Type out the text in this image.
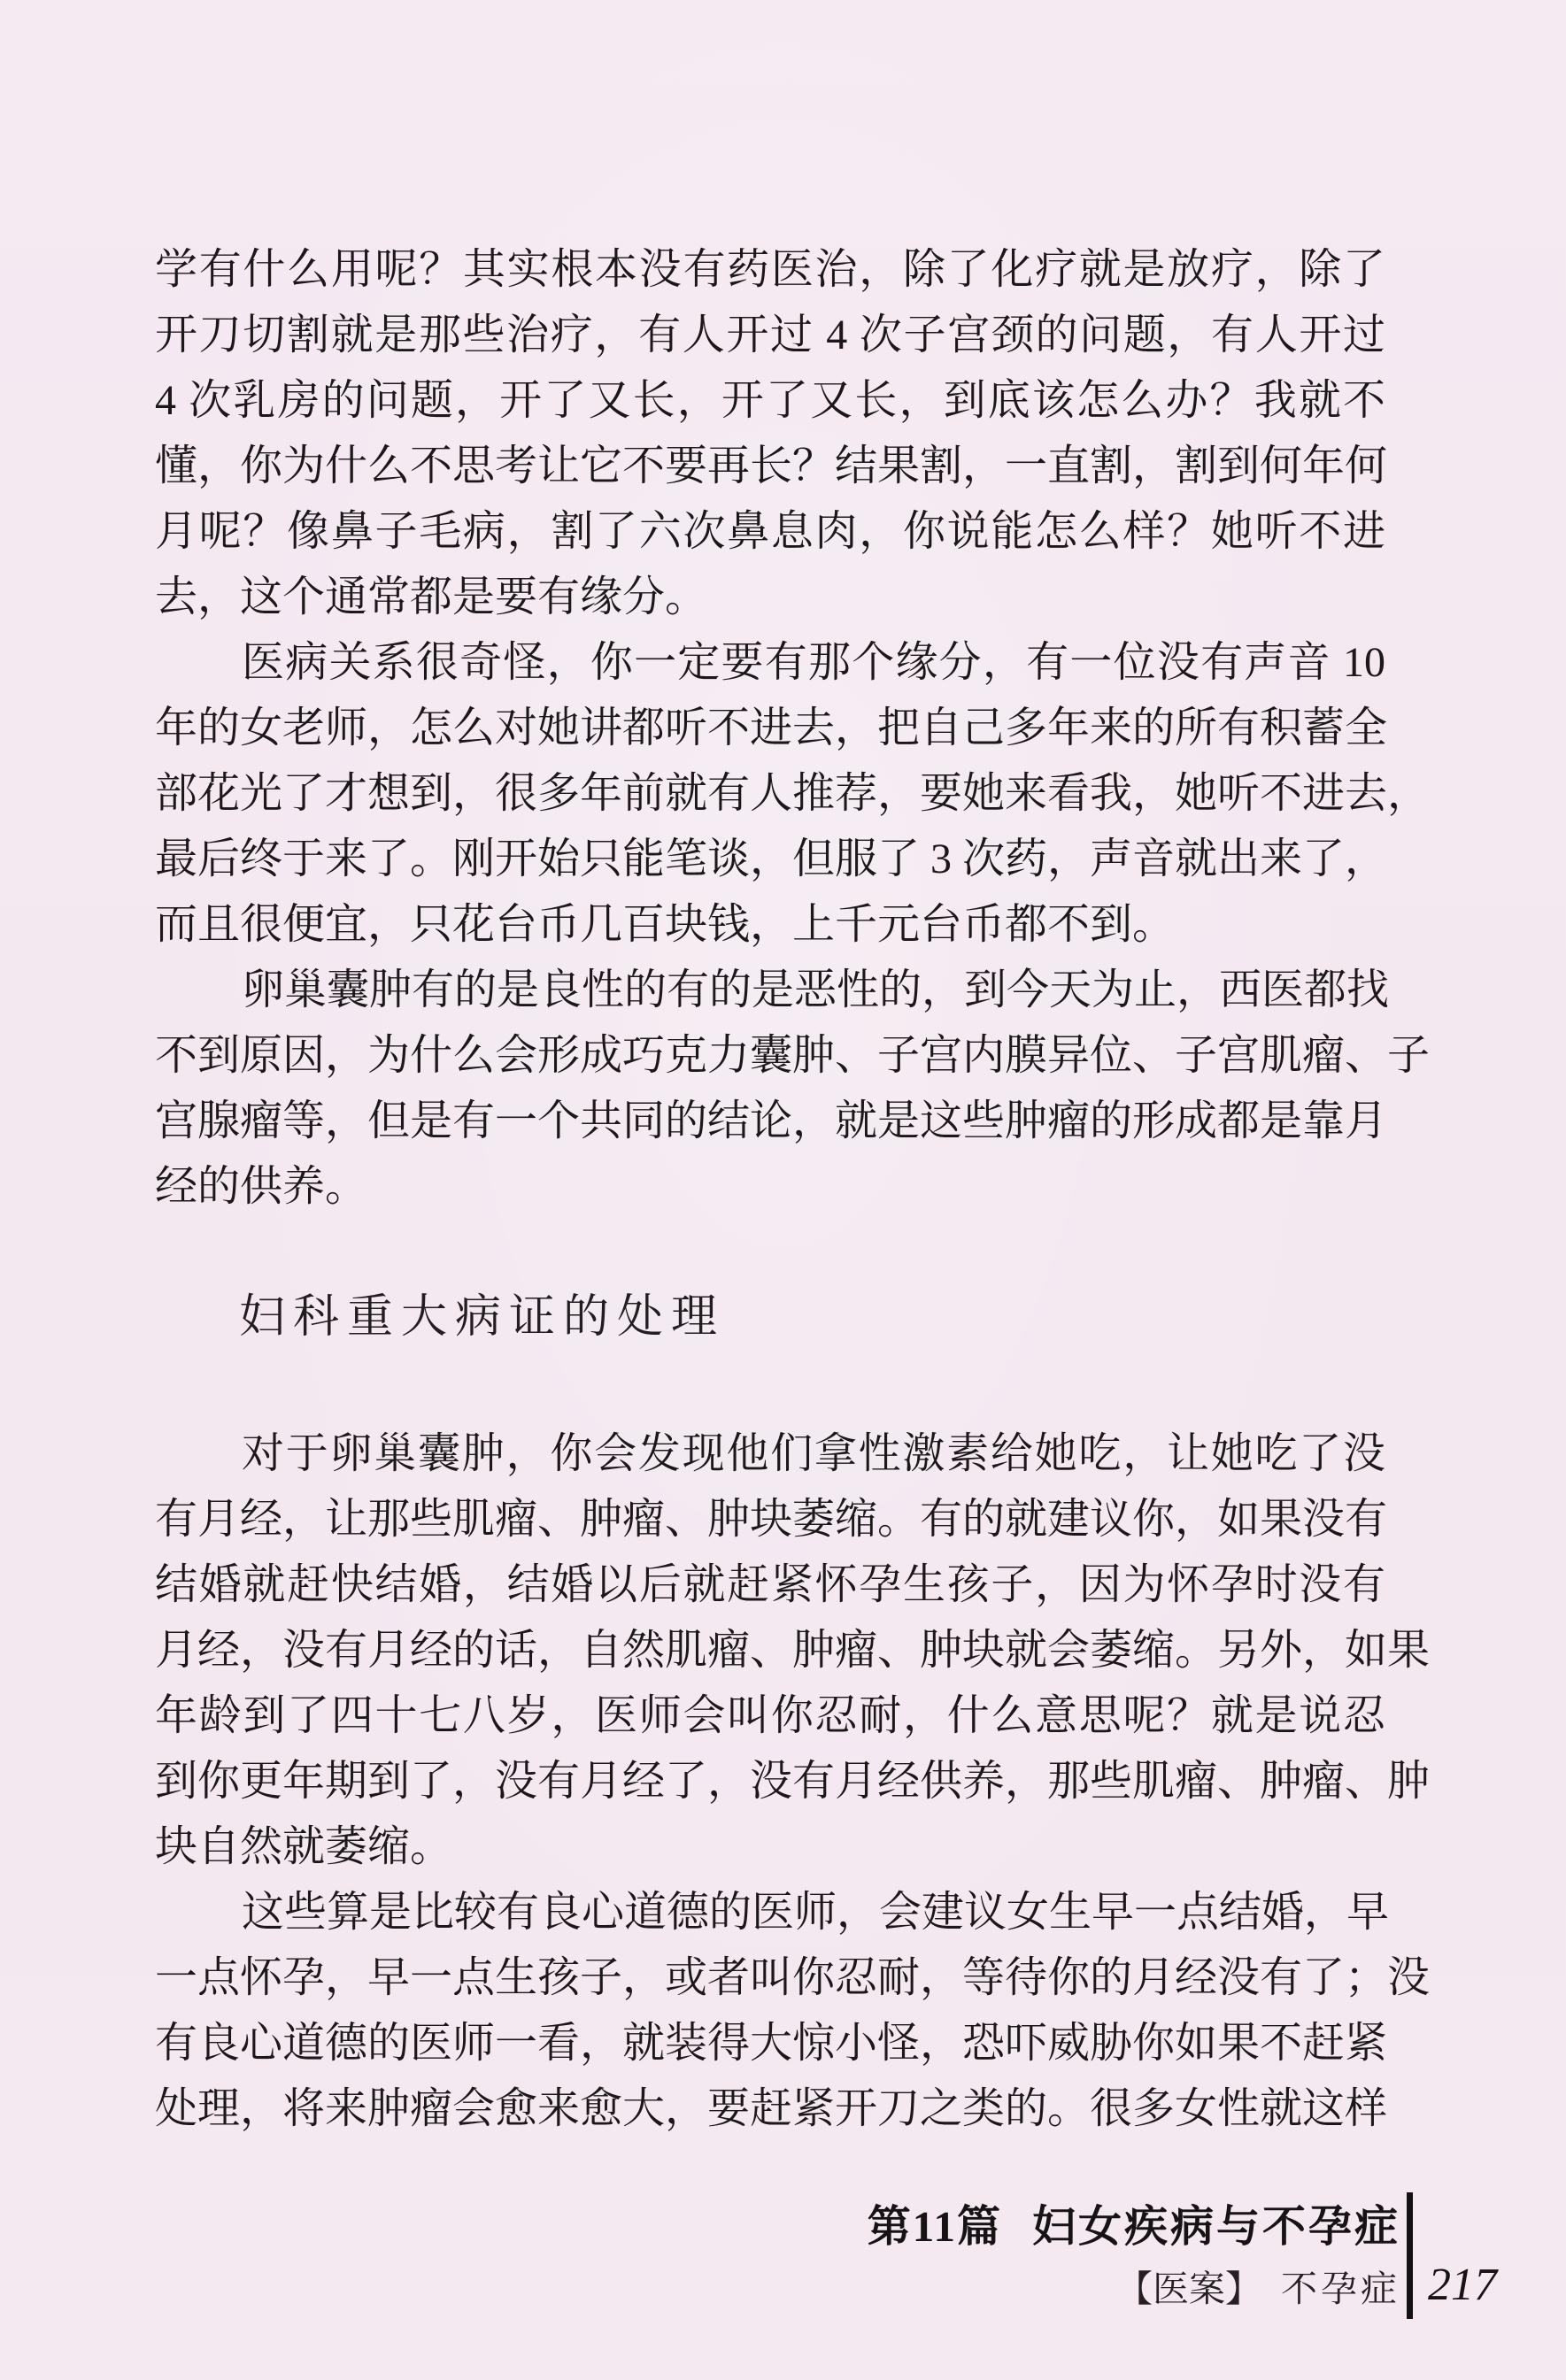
学有什么用呢？其实根本没有药医治，除了化疗就是放疗，除了
开刀切割就是那些治疗，有人开过 4 次子宫颈的问题，有人开过
4 次乳房的问题，开了又长，开了又长，到底该怎么办？我就不
懂，你为什么不思考让它不要再长？结果割，一直割，割到何年何
月呢？像鼻子毛病，割了六次鼻息肉，你说能怎么样？她听不进
去，这个通常都是要有缘分。
医病关系很奇怪，你一定要有那个缘分，有一位没有声音 10
年的女老师，怎么对她讲都听不进去，把自己多年来的所有积蓄全
部花光了才想到，很多年前就有人推荐，要她来看我，她听不进去，
最后终于来了。刚开始只能笔谈，但服了 3 次药，声音就出来了，
而且很便宜，只花台币几百块钱，上千元台币都不到。
卵巢囊肿有的是良性的有的是恶性的，到今天为止，西医都找
不到原因，为什么会形成巧克力囊肿、子宫内膜异位、子宫肌瘤、子
宫腺瘤等，但是有一个共同的结论，就是这些肿瘤的形成都是靠月
经的供养。
妇科重大病证的处理
对于卵巢囊肿，你会发现他们拿性激素给她吃，让她吃了没
有月经，让那些肌瘤、肿瘤、肿块萎缩。有的就建议你，如果没有
结婚就赶快结婚，结婚以后就赶紧怀孕生孩子，因为怀孕时没有
月经，没有月经的话，自然肌瘤、肿瘤、肿块就会萎缩。另外，如果
年龄到了四十七八岁，医师会叫你忍耐，什么意思呢？就是说忍
到你更年期到了，没有月经了，没有月经供养，那些肌瘤、肿瘤、肿
块自然就萎缩。
这些算是比较有良心道德的医师，会建议女生早一点结婚，早
一点怀孕，早一点生孩子，或者叫你忍耐，等待你的月经没有了；没
有良心道德的医师一看，就装得大惊小怪，恐吓威胁你如果不赶紧
处理，将来肿瘤会愈来愈大，要赶紧开刀之类的。很多女性就这样
第11篇 妇女疾病与不孕症
【医案】 不孕症 217
